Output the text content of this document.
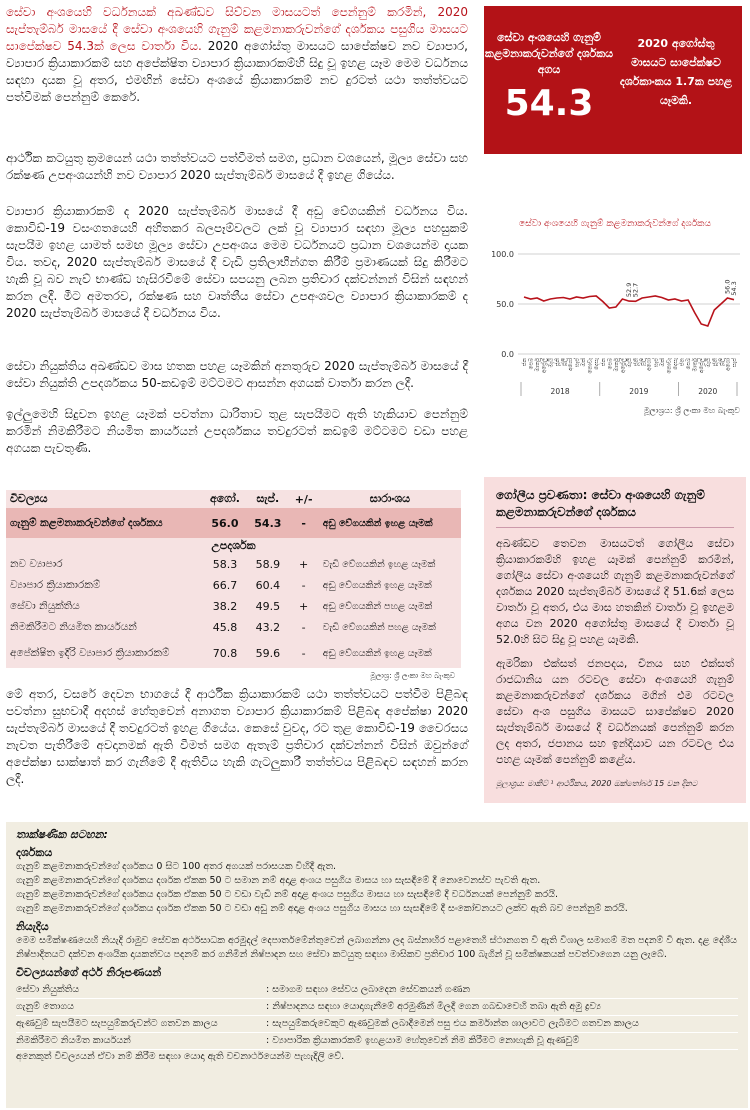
සේවා අංශයෙහි වර්ධනයක් අඛණ්ඩව සිව්වන මාසයටත් පෙන්නුම් කරමින්, 2020 සැප්තැම්බර් මාසයේ දී සේවා අංශයෙහි ගැනුම් කළමනාකරුවන්ගේ දර්ශකය පසුගිය මාසයට සාපේක්ෂව 54.3ක් ලෙස වාර්තා විය. 2020 අගෝස්තු මාසයට සාපේක්ෂව නව ව්‍යාපාර, ව්‍යාපාර ක්‍රියාකාරකම් සහ අපේක්ෂිත ව්‍යාපාර ක්‍රියාකාරකම්හි සිදු වූ ඉහළ යෑම මෙම වර්ධනය සඳහා දායක වූ අතර, එමඟින් සේවා අංශයේ ක්‍රියාකාරකම් නව දුරටත් යථා තත්ත්වයට පත්වීමක් පෙන්නුම් කෙරේ.

ආර්ථික කටයුතු ක්‍රමයෙන් යථා තත්ත්වයට පත්වීමත් සමග, ප්‍රධාන වශයෙන්, මූල්‍ය සේවා සහ රක්ෂණ උපඅංශයන්හි නව ව්‍යාපාර 2020 සැප්තැම්බර් මාසයේ දී ඉහළ ගියේය.

ව්‍යාපාර ක්‍රියාකාරකම් ද 2020 සැප්තැම්බර් මාසයේ දී අඩු වේගයකින් වර්ධනය විය. කොවිඩ්-19 වසංගතයෙහි අහිතකර බලපෑම්වලට ලක් වූ ව්‍යාපාර සඳහා මූල්‍ය පහසුකම් සැපයීම ඉහළ යාමත් සමඟ මූල්‍ය සේවා උපඅංශය මෙම වර්ධනයට ප්‍රධාන වශයෙන්ම දායක විය. තවද, 2020 සැප්තැම්බර් මාසයේ දී වැඩි ප්‍රතිලාභීන්ගත කිරීම් ප්‍රමාණයක් සිදු කිරීමට හැකි වූ බව නැව් භාණ්ඩ හැසිරවීමේ සේවා සපයනු ලබන ප්‍රතිචාර දක්වන්නන් විසින් සඳහන් කරන ලදී. මීට අමතරව, රක්ෂණ සහ වෘත්තීය සේවා උපඅංශවල ව්‍යාපාර ක්‍රියාකාරකම් ද 2020 සැප්තැම්බර් මාසයේ දී වර්ධනය විය.

සේවා නියුක්තිය අඛණ්ඩව මාස හතක පහළ යෑමකින් අනතුරුව 2020 සැප්තැම්බර් මාසයේ දී සේවා නියුක්ති උපදර්ශකය 50-කඩඉම් මට්ටමට ආසන්න අගයක් වාර්තා කරන ලදී.

ඉල්ලුමෙහි සිදුවන ඉහළ යෑමක් පවත්නා ධාරිතාව තුළ සැපයීමට ඇති හැකියාව පෙන්නුම් කරමින් නිමකිරීමට නියමිත කාර්යයන් උපදර්ශකය තවදුරටත් කඩඉම් මට්ටමට වඩා පහළ අගයක පැවතුණි.

සේවා අංශයෙහි ගැනුම් කළමනාකරුවන්ගේ දර්ශකය අගය
54.3
2020 අගෝස්තු මාසයට සාපේක්ෂව දර්ශකාංකය 1.7ක පහළ යෑමකි.
100.0
50.0
0.0
52.9
52.7	56.0
54.3
ජන පෙබ මාර්තු අප්‍රේල් මැයි ජූනි ජූලි අගෝ සැප් ඔක් නොවැ දෙසැ ජන පෙබ මාර්තු අප්‍රේල් මැයි ජූනි ජූලි අගෝ සැප් ඔක් නොවැ දෙසැ ජන පෙබ මාර්තු අප්‍රේල් මැයි ජූනි ජූලි අගෝ සැප්
2018	2019	2020
සේවා අංශයෙහි ගැනුම් කළමනාකරුවන්ගේ දර්ශකය
මූලාශ්‍රය: ශ්‍රී ලංකා මහ බැංකුව
විචල්‍යය	අගෝ.	සැප්.	+/-	සාරාංශය
ගැනුම් කළමනාකරුවන්ගේ දර්ශකය	56.0	54.3	-	අඩු වේගයකින් ඉහළ යෑමක්
උපදර්ශක				
නව ව්‍යාපාර	58.3	58.9	+	වැඩි වේගයකින් ඉහළ යෑමක්
ව්‍යාපාර ක්‍රියාකාරකම්	66.7	60.4	-	අඩු වේගයකින් ඉහළ යෑමක්
සේවා නියුක්තිය	38.2	49.5	+	අඩු වේගයකින් පහළ යෑමක්
නිමකිරීමට නියමිත කාර්යයන්	45.8	43.2	-	වැඩි වේගයකින් පහළ යෑමක්
අපේක්ෂිත ඉදිරි ව්‍යාපාර ක්‍රියාකාරකම්	70.8	59.6	-	අඩු වේගයකින් ඉහළ යෑමක්
මූලාශ්‍ර: ශ්‍රී ලංකා මහ බැංකුව

මේ අතර, වසරේ දෙවන භාගයේ දී ආර්ථික ක්‍රියාකාරකම් යථා තත්ත්වයට පත්වීම පිළිබඳ පවත්නා සුභවාදී අදහස් හේතුවෙන් අනාගත ව්‍යාපාර ක්‍රියාකාරකම් පිළිබඳ අපේක්ෂා 2020 සැප්තැම්බර් මාසයේ දී තවදුරටත් ඉහළ ගියේය. කෙසේ වුවද, රට තුළ කොවිඩ්-19 වෛරසය නැවත පැතිරීමේ අවදානමක් ඇති වීමත් සමග ඇතැම් ප්‍රතිචාර දක්වන්නන් විසින් ඔවුන්ගේ අපේක්ෂා සාක්ෂාත් කර ගැනීමේ දී ඇතිවිය හැකි ගැටලුකාරී තත්ත්වය පිළිබඳව සඳහන් කරන ලදී.

ගෝලීය ප්‍රවණතා: සේවා අංශයෙහි ගැනුම් කළමනාකරුවන්ගේ දර්ශකය

අඛණ්ඩව තෙවන මාසයටත් ගෝලීය සේවා ක්‍රියාකාරකම්හි ඉහළ යෑමක් පෙන්නුම් කරමින්, ගෝලීය සේවා අංශයෙහි ගැනුම් කළමනාකරුවන්ගේ දර්ශකය 2020 සැප්තැම්බර් මාසයේ දී 51.6ක් ලෙස වාර්තා වූ අතර, එය මාස හතකින් වාර්තා වූ ඉහළම අගය වන 2020 අගෝස්තු මාසයේ දී වාර්තා වූ 52.0හි සිට සිදු වූ පහළ යෑමකි.

ඇමරිකා එක්සත් ජනපදය, චීනය සහ එක්සත් රාජධානිය යන රටවල සේවා අංශයෙහි ගැනුම් කළමනාකරුවන්ගේ දර්ශකය මගින් එම රටවල සේවා අංශ පසුගිය මාසයට සාපේක්ෂව 2020 සැප්තැම්බර් මාසයේ දී වර්ධනයක් පෙන්නුම් කරන ලද අතර, ජපානය සහ ඉන්දියාව යන රටවල එය පහළ යෑමක් පෙන්නුම් කළේය.

මූලාශ්‍රය: මාකිට් ¹ ආර්ථිකය, 2020 ඔක්තෝබර් 15 වන දිනට
තාක්ෂණික සටහන:
දර්ශකය
ගැනුම් කළමනාකරුවන්ගේ දර්ශකය 0 සිට 100 අතර අගයක් පරාසයක විහිදී ඇත.
ගැනුම් කළමනාකරුවන්ගේ දර්ශකය දර්ශක ඒකක 50 ට සමාන නම් අදාළ අංශය පසුගිය මාසය හා සැසඳීමේ දී නොවෙනස්ව පැවති ඇත.
ගැනුම් කළමනාකරුවන්ගේ දර්ශකය දර්ශක ඒකක 50 ට වඩා වැඩි නම් අදාළ අංශය පසුගිය මාසය හා සැසඳීමේ දී වර්ධනයක් පෙන්නුම් කරයි.
ගැනුම් කළමනාකරුවන්ගේ දර්ශකය දර්ශක ඒකක 50 ට වඩා අඩු නම් අදාළ අංශය පසුගිය මාසය හා සැසඳීමේ දී සංකෝචනයට ලක්ව ඇති බව පෙන්නුම් කරයි.
නියැදිය
මෙම සමීක්ෂණයෙහි නියැදි රාමුව සේවක අර්ථසාධක අරමුදල් දෙපාර්තමේන්තුවෙන් ලබාගන්නා ලද බස්නාහිර පළාතෙහි ස්ථානගත වී ඇති විශාල සමාගම් මත පදනම් වී ඇත. දළ දේශීය නිෂ්පාදිතයට දක්වන අංශයික දායකත්වය පදනම් කර ගනිමින් නිෂ්පාදන සහ සේවා කටයුතු සඳහා මාසිකව ප්‍රතිචාර 100 බැගින් වූ සමීක්ෂකයක් පවත්වාගෙන යනු ලැබේ.
විචල්‍යයන්ගේ අර්ථ නිරූපණයන්
සේවා නියුක්තිය	: සමාගම සඳහා සේවය ලබාදෙන සේවකයන් ගණන
ගැනුම් තොගය	: නිෂ්පාදනය සඳහා යොදාගැනීමේ අරමුණින් මිලදී ගෙන ගබඩාවෙහි තබා ඇති අමු ද්‍රව්‍ය
ඇණවුම් සැපයීමට සැපයුම්කරුවන්ට ගතවන කාලය	: සැපයුම්කරුවෙකුට ඇණවුමක් ලබාදීමෙන් පසු එය කර්මාන්ත ශාලාවට ලැබීමට ගතවන කාලය
නිමකිරීමට නියමිත කාර්යයන්	: ව්‍යාපාරික ක්‍රියාකාරකම් ඉහළයාම හේතුවෙන් නිම කිරීමට නොහැකි වූ ඇණවුම්
අනෙකුත් විචල්‍යයන් ඒවා නම් කිරීම සඳහා යොදා ඇති වචනාර්ථයෙන්ම පැහැදිලි වේ.
